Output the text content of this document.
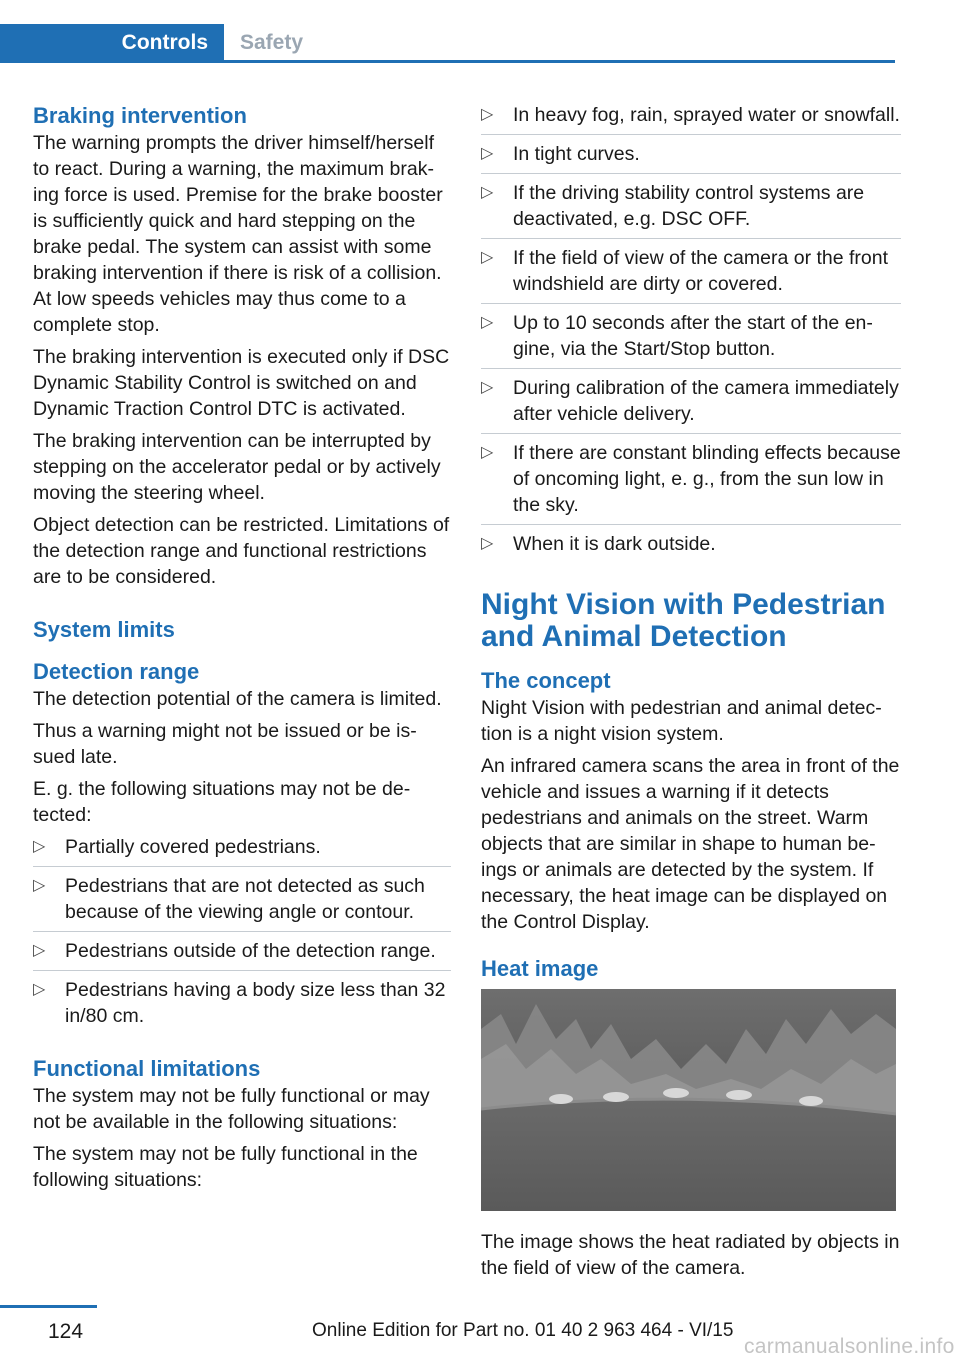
Controls	Safety
Braking intervention

The warning prompts the driver himself/herself to react. During a warning, the maximum braking force is used. Premise for the brake booster is sufficiently quick and hard stepping on the brake pedal. The system can assist with some braking intervention if there is risk of a collision. At low speeds vehicles may thus come to a complete stop.

The braking intervention is executed only if DSC Dynamic Stability Control is switched on and Dynamic Traction Control DTC is activated.

The braking intervention can be interrupted by stepping on the accelerator pedal or by actively moving the steering wheel.

Object detection can be restricted. Limitations of the detection range and functional restrictions are to be considered.

System limits
Detection range

The detection potential of the camera is limited.

Thus a warning might not be issued or be issued late.

E. g. the following situations may not be detected:

▷ Partially covered pedestrians.
▷ Pedestrians that are not detected as such because of the viewing angle or contour.
▷ Pedestrians outside of the detection range.
▷ Pedestrians having a body size less than 32 in/80 cm.
Functional limitations

The system may not be fully functional or may not be available in the following situations:

The system may not be fully functional in the following situations:

▷ In heavy fog, rain, sprayed water or snowfall.
▷ In tight curves.
▷ If the driving stability control systems are deactivated, e.g. DSC OFF.
▷ If the field of view of the camera or the front windshield are dirty or covered.
▷ Up to 10 seconds after the start of the engine, via the Start/Stop button.
▷ During calibration of the camera immediately after vehicle delivery.
▷ If there are constant blinding effects because of oncoming light, e. g., from the sun low in the sky.
▷ When it is dark outside.
Night Vision with Pedestrian and Animal Detection
The concept

Night Vision with pedestrian and animal detection is a night vision system.

An infrared camera scans the area in front of the vehicle and issues a warning if it detects pedestrians and animals on the street. Warm objects that are similar in shape to human beings or animals are detected by the system. If necessary, the heat image can be displayed on the Control Display.

Heat image

The image shows the heat radiated by objects in the field of view of the camera.

124	Online Edition for Part no. 01 40 2 963 464 - VI/15
carmanualsonline.info
